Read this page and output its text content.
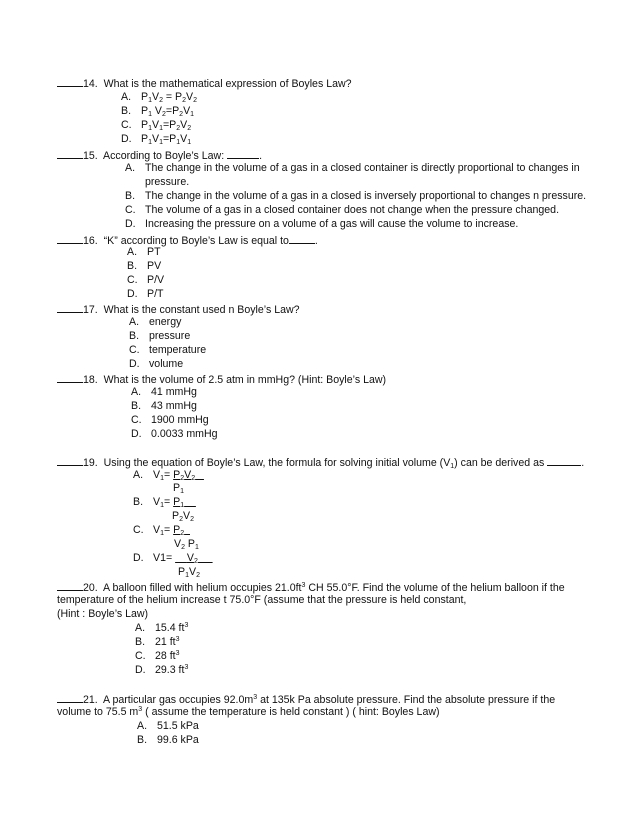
14. What is the mathematical expression of Boyles Law?
A. $P_1V_2 = P_2V_2$
B. $P_1$ $V_2=P_2V_1$
C. $P_1V_1=P_2V_2$
D. $P_1V_1=P_1V_1$
15. According to Boyle’s Law:	.
A. The change in the volume of a gas in a closed container is directly proportional to changes in
pressure.
B. The change in the volume of a gas in a closed is inversely proportional to changes n pressure.
C. The volume of a gas in a closed container does not change when the pressure changed.
D. Increasing the pressure on a volume of a gas will cause the volume to increase.
16. “K” according to Boyle’s Law is equal to .
A. PT
B. PV
C. P/V
D. P/T
17. What is the constant used n Boyle’s Law?
A. energy
B. pressure
C. temperature
D. volume
18. What is the volume of 2.5 atm in mmHg? (Hint: Boyle’s Law)
A. 41 mmHg
B. 43 mmHg
C. 1900 mmHg
D. 0.0033 mmHg
19. Using the equation of Boyle’s Law, the formula for solving initial volume $(V_1)$ can be derived as	.
A. $V_1= P_2V_2$
$P_1$
B. $V_1= P_1$
$P_2V_2$
C. $V_1= P_2$
$V_2$ $P_1$
D. V1=     $V_2$
$P_1V_2$
20. A balloon filled with helium occupies $21.0ft^3$ CH 55.0°F. Find the volume of the helium balloon if the
temperature of the helium increase t 75.0°F (assume that the pressure is held constant,
(Hint : Boyle’s Law)
A. 15.4 $ft^3$
B. 21 $ft^3$
C. 28 $ft^3$
D. 29.3 $ft^3$
21. A particular gas occupies $92.0m^3$ at 135k Pa absolute pressure. Find the absolute pressure if the
volume to 75.5 $m^3$ ( assume the temperature is held constant ) ( hint: Boyles Law)
A. 51.5 kPa
B. 99.6 kPa
